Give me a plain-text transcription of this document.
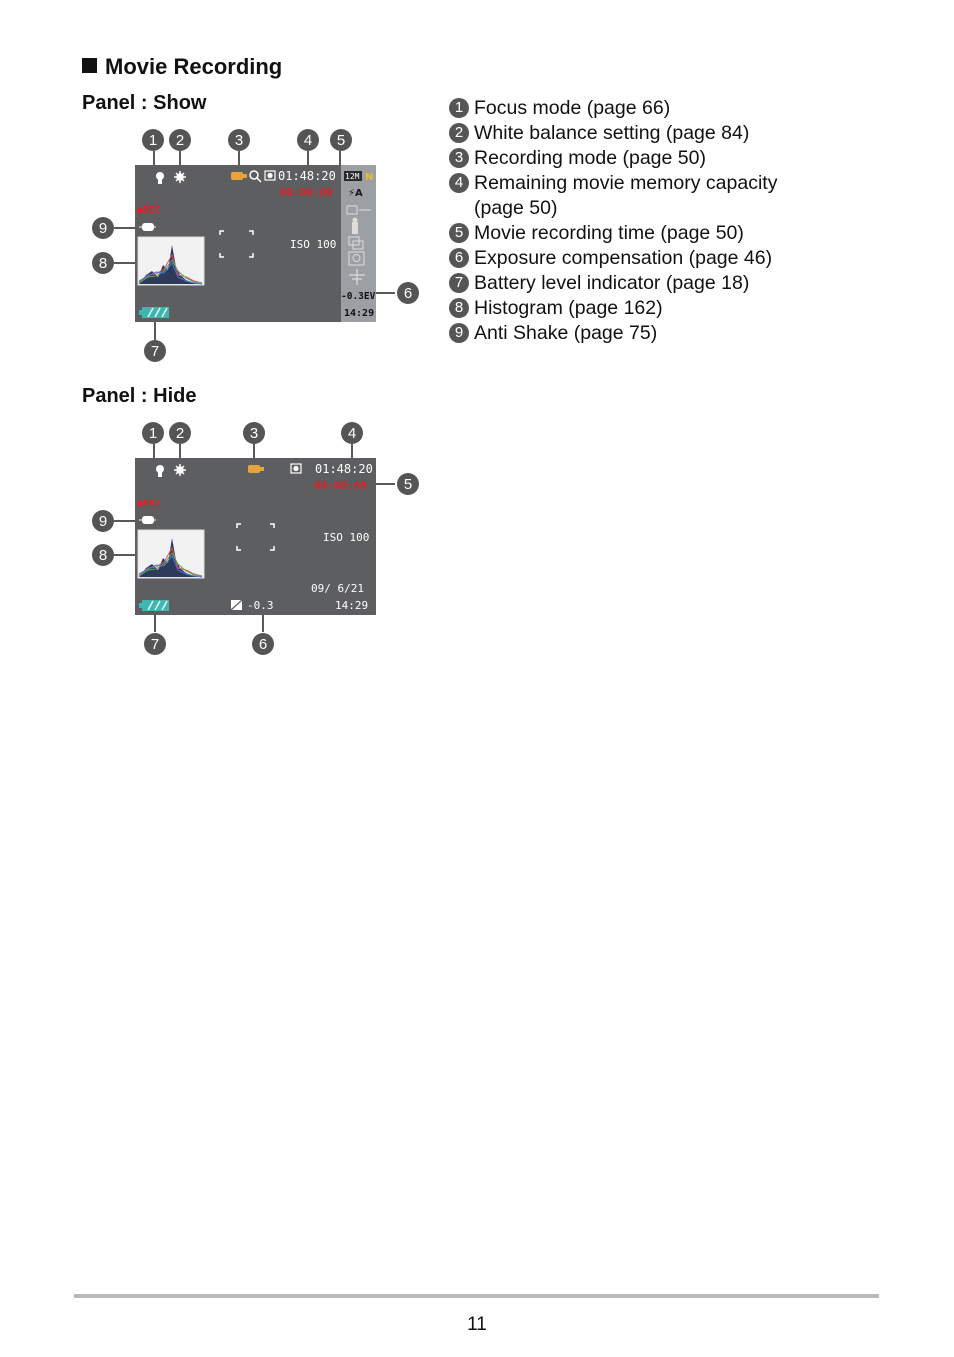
Movie Recording
Panel : Show
01:48:20
00:00:00
●REC
ISO 100
12M N
⚡A
-0.3EV
14:29
1 2	3	4 5
6
7
8
9
Panel : Hide
01:48:20
00:00:00
●REC
ISO 100
09/ 6/21
14:29
-0.3
1 2	3	4
5
6
7
8
9
1 Focus mode (page 66)
2 White balance setting (page 84)
3 Recording mode (page 50)
4 Remaining movie memory capacity
(page 50)
5 Movie recording time (page 50)
6 Exposure compensation (page 46)
7 Battery level indicator (page 18)
8 Histogram (page 162)
9 Anti Shake (page 75)
11
